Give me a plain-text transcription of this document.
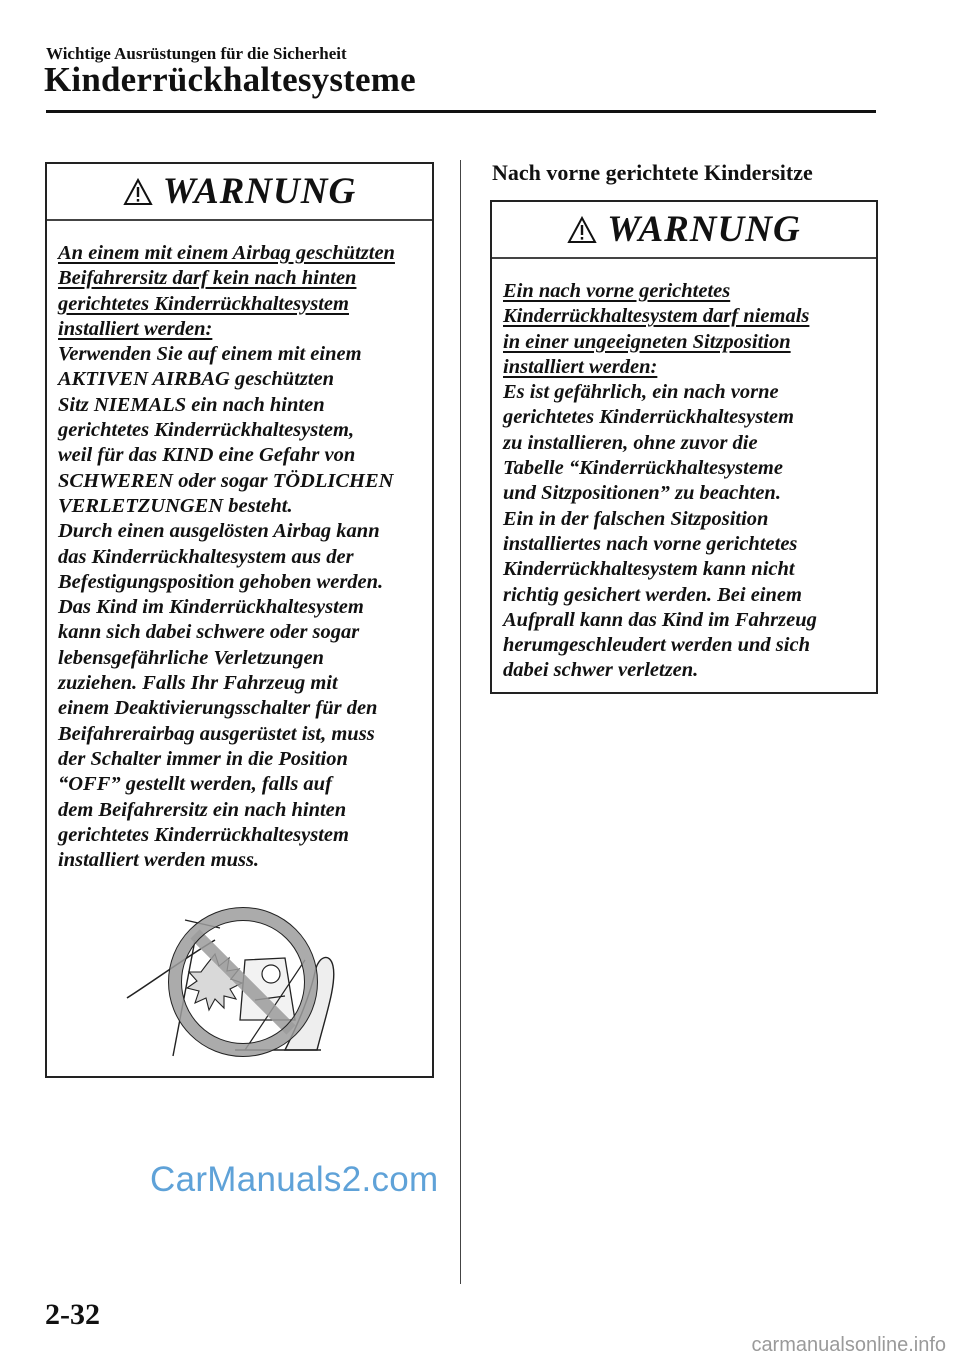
Wichtige Ausrüstungen für die Sicherheit
Kinderrückhaltesysteme
WARNUNG
An einem mit einem Airbag geschützten
Beifahrersitz darf kein nach hinten
gerichtetes Kinderrückhaltesystem
installiert werden:
Verwenden Sie auf einem mit einem
AKTIVEN AIRBAG geschützten
Sitz NIEMALS ein nach hinten
gerichtetes Kinderrückhaltesystem,
weil für das KIND eine Gefahr von
SCHWEREN oder sogar TÖDLICHEN
VERLETZUNGEN besteht.
Durch einen ausgelösten Airbag kann
das Kinderrückhaltesystem aus der
Befestigungsposition gehoben werden.
Das Kind im Kinderrückhaltesystem
kann sich dabei schwere oder sogar
lebensgefährliche Verletzungen
zuziehen. Falls Ihr Fahrzeug mit
einem Deaktivierungsschalter für den
Beifahrerairbag ausgerüstet ist, muss
der Schalter immer in die Position
“OFF” gestellt werden, falls auf
dem Beifahrersitz ein nach hinten
gerichtetes Kinderrückhaltesystem
installiert werden muss.
Nach vorne gerichtete Kindersitze
WARNUNG
Ein nach vorne gerichtetes
Kinderrückhaltesystem darf niemals
in einer ungeeigneten Sitzposition
installiert werden:
Es ist gefährlich, ein nach vorne
gerichtetes Kinderrückhaltesystem
zu installieren, ohne zuvor die
Tabelle “Kinderrückhaltesysteme
und Sitzpositionen” zu beachten.
Ein in der falschen Sitzposition
installiertes nach vorne gerichtetes
Kinderrückhaltesystem kann nicht
richtig gesichert werden. Bei einem
Aufprall kann das Kind im Fahrzeug
herumgeschleudert werden und sich
dabei schwer verletzen.
CarManuals2.com
2-32
carmanualsonline.info
